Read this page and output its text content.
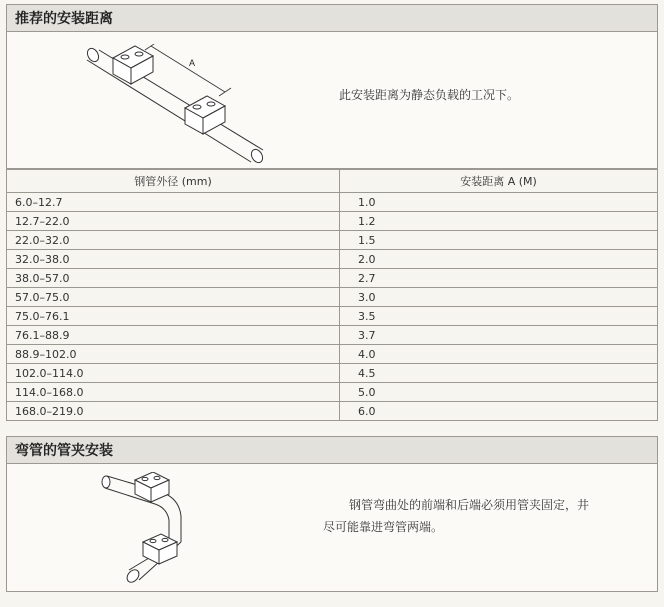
推荐的安装距离
A
此安装距离为静态负载的工况下。
钢管外径 (mm)	安装距离 A (M)
6.0–12.7	1.0
12.7–22.0	1.2
22.0–32.0	1.5
32.0–38.0	2.0
38.0–57.0	2.7
57.0–75.0	3.0
75.0–76.1	3.5
76.1–88.9	3.7
88.9–102.0	4.0
102.0–114.0	4.5
114.0–168.0	5.0
168.0–219.0	6.0
弯管的管夹安装
钢管弯曲处的前端和后端必须用管夹固定，井
尽可能靠进弯管两端。
